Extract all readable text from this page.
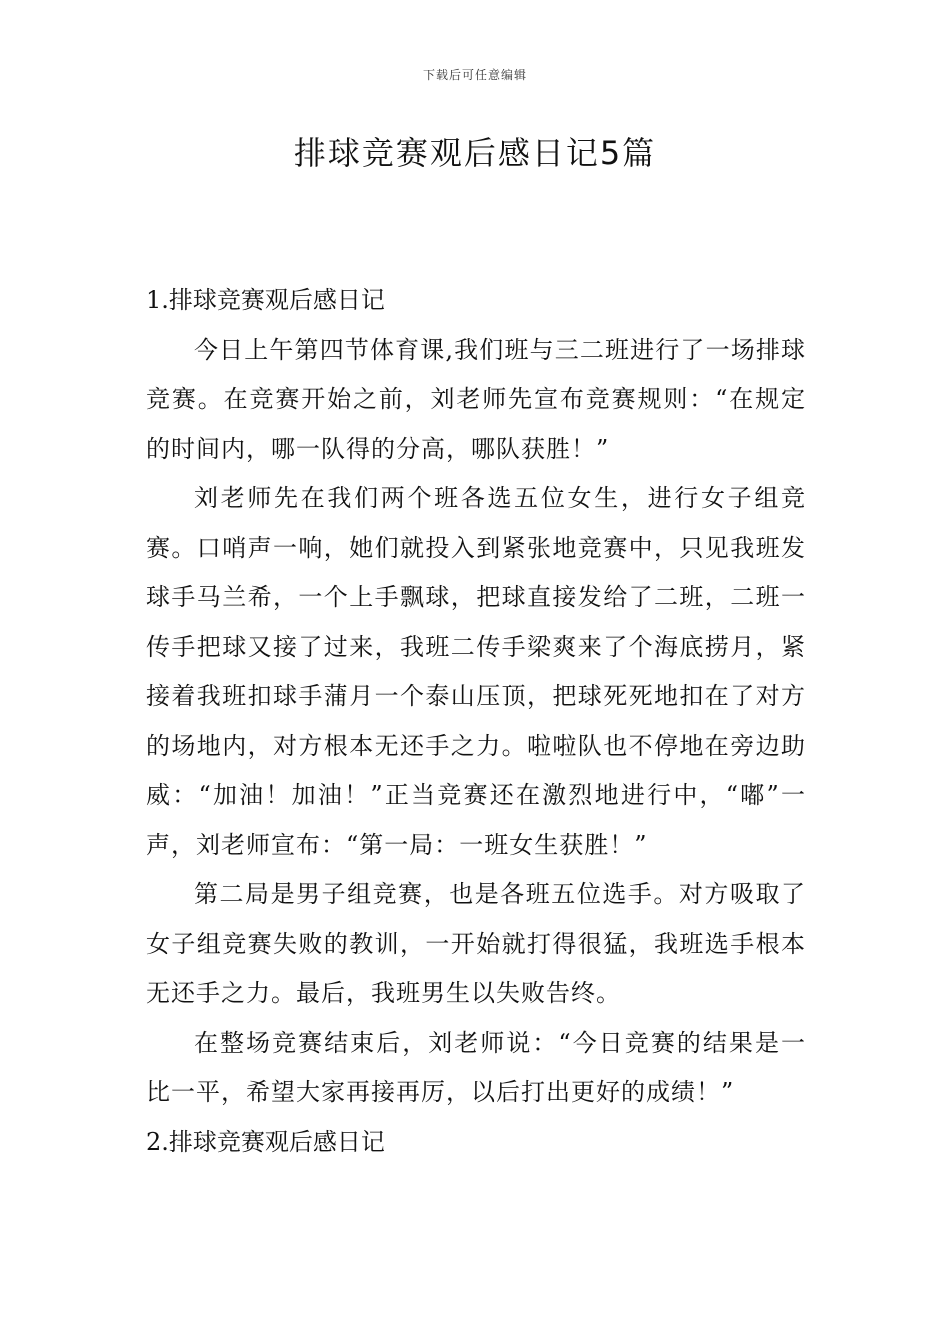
下载后可任意编辑
排球竞赛观后感日记5篇
1.排球竞赛观后感日记

今日上午第四节体育课,我们班与三二班进行了一场排球竞赛。在竞赛开始之前，刘老师先宣布竞赛规则：“在规定的时间内，哪一队得的分高，哪队获胜！”

刘老师先在我们两个班各选五位女生，进行女子组竞赛。口哨声一响，她们就投入到紧张地竞赛中，只见我班发球手马兰希，一个上手飘球，把球直接发给了二班，二班一传手把球又接了过来，我班二传手梁爽来了个海底捞月，紧接着我班扣球手蒲月一个泰山压顶，把球死死地扣在了对方的场地内，对方根本无还手之力。啦啦队也不停地在旁边助威：“加油！加油！”正当竞赛还在激烈地进行中，“嘟”一声，刘老师宣布：“第一局：一班女生获胜！”

第二局是男子组竞赛，也是各班五位选手。对方吸取了女子组竞赛失败的教训，一开始就打得很猛，我班选手根本无还手之力。最后，我班男生以失败告终。

在整场竞赛结束后，刘老师说：“今日竞赛的结果是一比一平，希望大家再接再厉，以后打出更好的成绩！”

2.排球竞赛观后感日记
